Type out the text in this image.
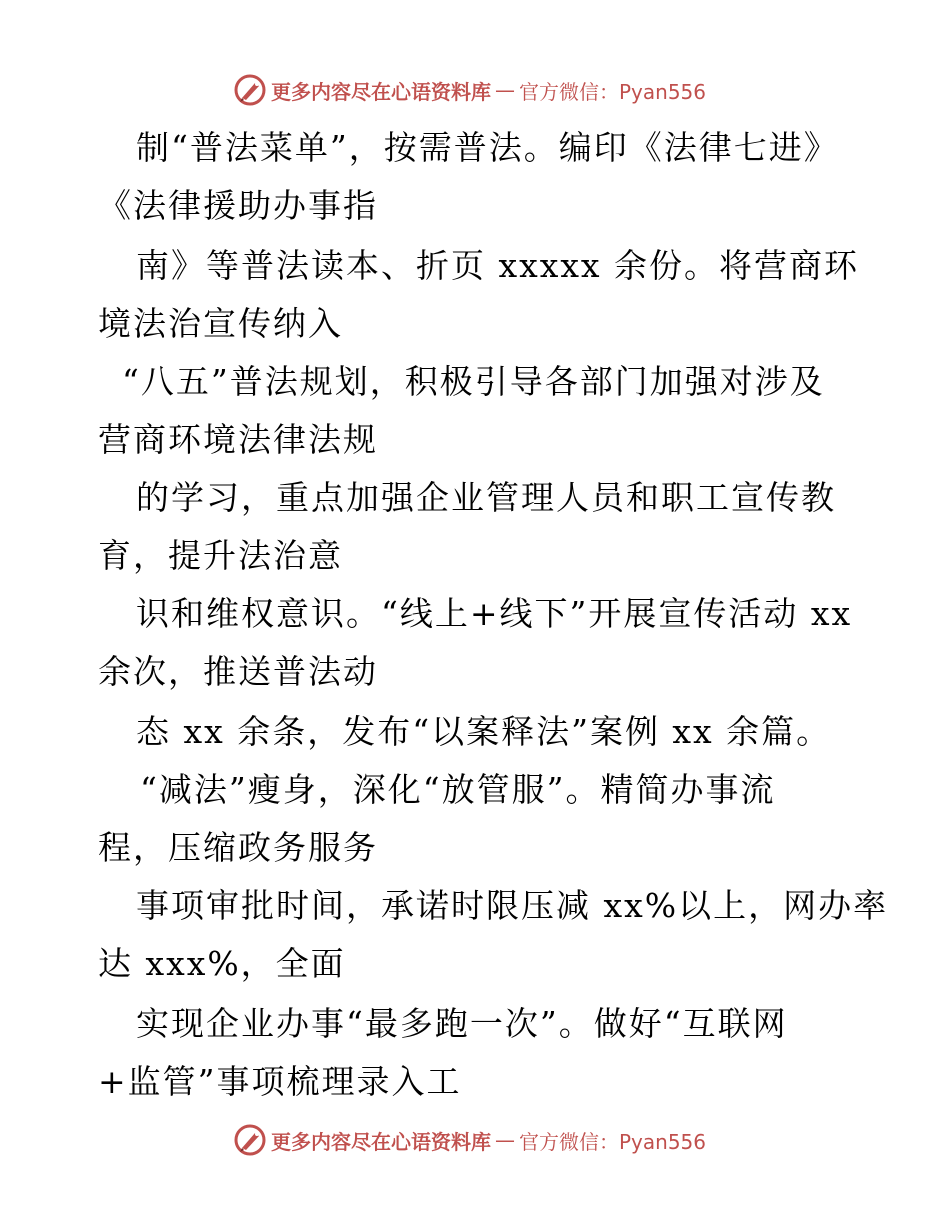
更多内容尽在心语资料库 — 官方微信：Pyan556
制“普法菜单”，按需普法。编印《法律七进》
《法律援助办事指
南》等普法读本、折页 xxxxx 余份。将营商环
境法治宣传纳入
“八五”普法规划，积极引导各部门加强对涉及
营商环境法律法规
的学习，重点加强企业管理人员和职工宣传教
育，提升法治意
识和维权意识。“线上+线下”开展宣传活动 xx
余次，推送普法动
态 xx 余条，发布“以案释法”案例 xx 余篇。
“减法”瘦身，深化“放管服”。精简办事流
程，压缩政务服务
事项审批时间，承诺时限压减 xx%以上，网办率
达 xxx%，全面
实现企业办事“最多跑一次”。做好“互联网
+监管”事项梳理录入工
更多内容尽在心语资料库 — 官方微信：Pyan556
